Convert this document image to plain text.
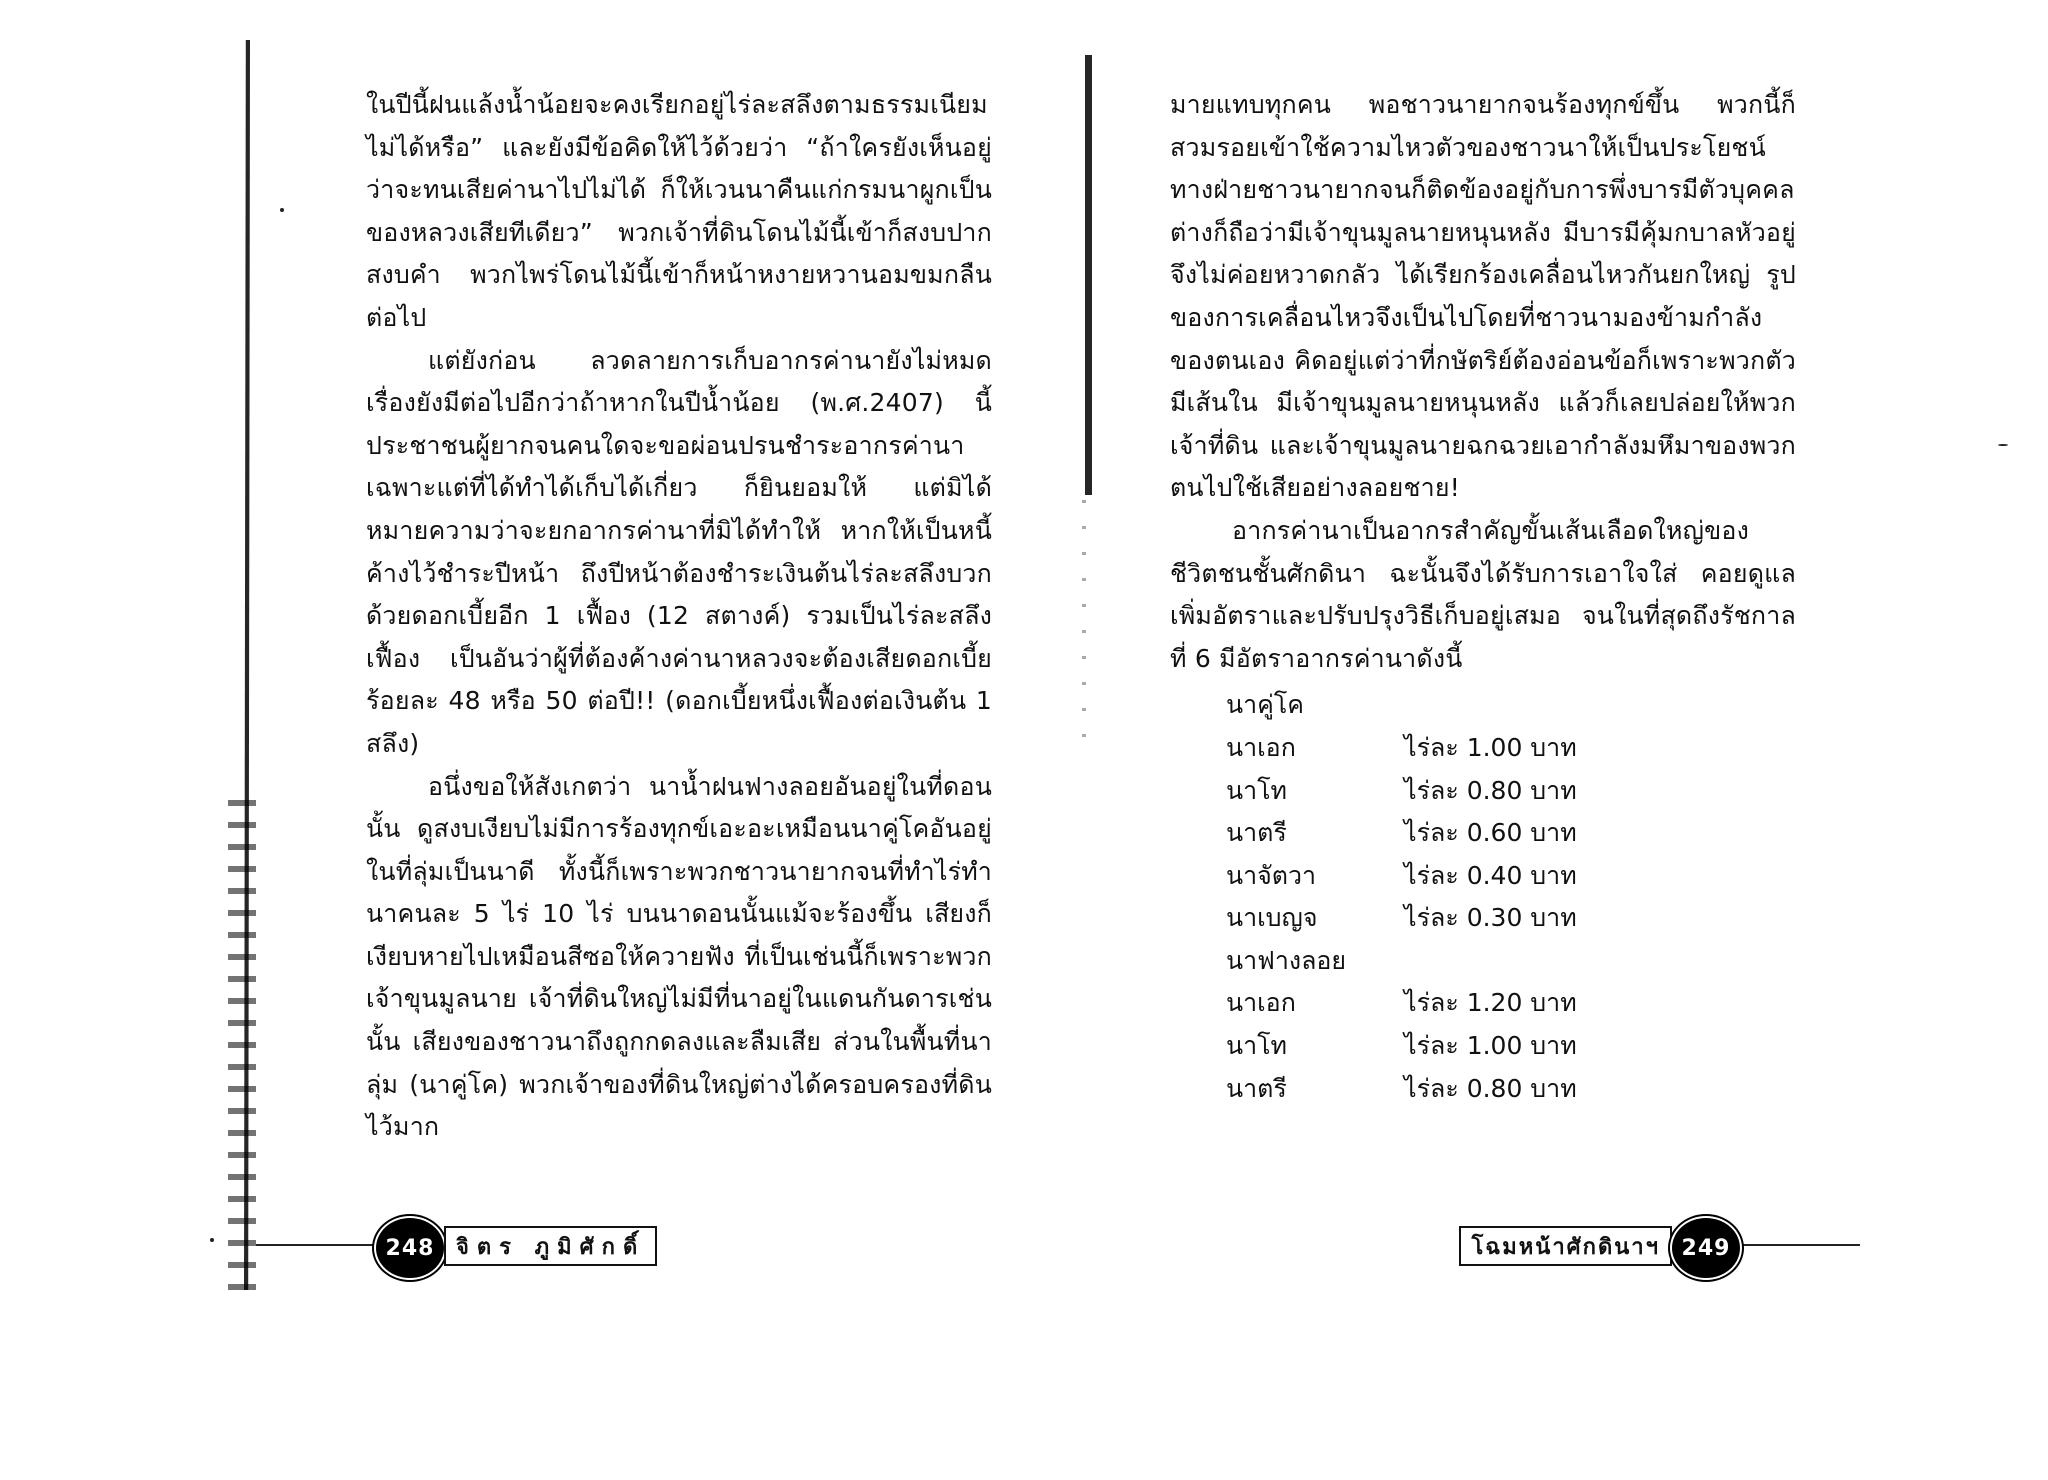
ในปีนี้ฝนแล้งน้ำน้อยจะคงเรียกอยู่ไร่ละสลึงตามธรรมเนียมไม่ได้หรือ” และยังมีข้อคิดให้ไว้ด้วยว่า “ถ้าใครยังเห็นอยู่ว่าจะทนเสียค่านาไปไม่ได้ ก็ให้เวนนาคืนแก่กรมนาผูกเป็นของหลวงเสียทีเดียว” พวกเจ้าที่ดินโดนไม้นี้เข้าก็สงบปากสงบคำ พวกไพร่โดนไม้นี้เข้าก็หน้าหงายหวานอมขมกลืนต่อไป

แต่ยังก่อน ลวดลายการเก็บอากรค่านายังไม่หมด เรื่องยังมีต่อไปอีกว่าถ้าหากในปีน้ำน้อย (พ.ศ.2407) นี้ ประชาชนผู้ยากจนคนใดจะขอผ่อนปรนชำระอากรค่านาเฉพาะแต่ที่ได้ทำได้เก็บได้เกี่ยว ก็ยินยอมให้ แต่มิได้หมายความว่าจะยกอากรค่านาที่มิได้ทำให้ หากให้เป็นหนี้ค้างไว้ชำระปีหน้า ถึงปีหน้าต้องชำระเงินต้นไร่ละสลึงบวกด้วยดอกเบี้ยอีก 1 เฟื้อง (12 สตางค์) รวมเป็นไร่ละสลึงเฟื้อง เป็นอันว่าผู้ที่ต้องค้างค่านาหลวงจะต้องเสียดอกเบี้ยร้อยละ 48 หรือ 50 ต่อปี!! (ดอกเบี้ยหนึ่งเฟื้องต่อเงินต้น 1 สลึง)

อนึ่งขอให้สังเกตว่า นาน้ำฝนฟางลอยอันอยู่ในที่ดอนนั้น ดูสงบเงียบไม่มีการร้องทุกข์เอะอะเหมือนนาคู่โคอันอยู่ในที่ลุ่มเป็นนาดี ทั้งนี้ก็เพราะพวกชาวนายากจนที่ทำไร่ทำนาคนละ 5 ไร่ 10 ไร่ บนนาดอนนั้นแม้จะร้องขึ้น เสียงก็เงียบหายไปเหมือนสีซอให้ควายฟัง ที่เป็นเช่นนี้ก็เพราะพวกเจ้าขุนมูลนาย เจ้าที่ดินใหญ่ไม่มีที่นาอยู่ในแดนกันดารเช่นนั้น เสียงของชาวนาถึงถูกกดลงและลืมเสีย ส่วนในพื้นที่นาลุ่ม (นาคู่โค) พวกเจ้าของที่ดินใหญ่ต่างได้ครอบครองที่ดินไว้มาก

มายแทบทุกคน พอชาวนายากจนร้องทุกข์ขึ้น พวกนี้ก็สวมรอยเข้าใช้ความไหวตัวของชาวนาให้เป็นประโยชน์ทางฝ่ายชาวนายากจนก็ติดข้องอยู่กับการพึ่งบารมีตัวบุคคล ต่างก็ถือว่ามีเจ้าขุนมูลนายหนุนหลัง มีบารมีคุ้มกบาลหัวอยู่ จึงไม่ค่อยหวาดกลัว ได้เรียกร้องเคลื่อนไหวกันยกใหญ่ รูปของการเคลื่อนไหวจึงเป็นไปโดยที่ชาวนามองข้ามกำลังของตนเอง คิดอยู่แต่ว่าที่กษัตริย์ต้องอ่อนข้อก็เพราะพวกตัวมีเส้นใน มีเจ้าขุนมูลนายหนุนหลัง แล้วก็เลยปล่อยให้พวกเจ้าที่ดิน และเจ้าขุนมูลนายฉกฉวยเอากำลังมหึมาของพวกตนไปใช้เสียอย่างลอยชาย!

อากรค่านาเป็นอากรสำคัญขั้นเส้นเลือดใหญ่ของชีวิตชนชั้นศักดินา ฉะนั้นจึงได้รับการเอาใจใส่ คอยดูแลเพิ่มอัตราและปรับปรุงวิธีเก็บอยู่เสมอ จนในที่สุดถึงรัชกาลที่ 6 มีอัตราอากรค่านาดังนี้

นาคู่โค
นาเอก	ไร่ละ 1.00 บาท
นาโท	ไร่ละ 0.80 บาท
นาตรี	ไร่ละ 0.60 บาท
นาจัตวา	ไร่ละ 0.40 บาท
นาเบญจ	ไร่ละ 0.30 บาท
นาฟางลอย
นาเอก	ไร่ละ 1.20 บาท
นาโท	ไร่ละ 1.00 บาท
นาตรี	ไร่ละ 0.80 บาท
248 จิตร ภูมิศักดิ์	โฉมหน้าศักดินาฯ 249
